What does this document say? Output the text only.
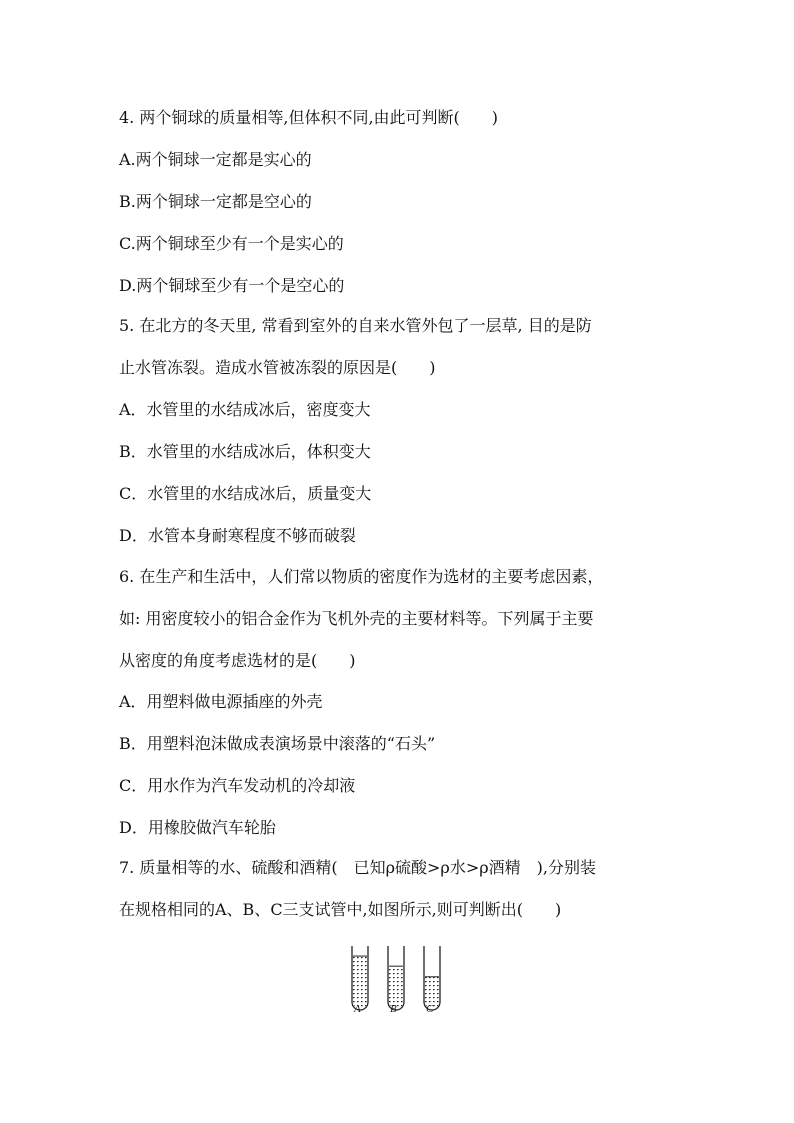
4. 两个铜球的质量相等,但体积不同,由此可判断(　　)
A.两个铜球一定都是实心的
B.两个铜球一定都是空心的
C.两个铜球至少有一个是实心的
D.两个铜球至少有一个是空心的
5. 在北方的冬天里, 常看到室外的自来水管外包了一层草, 目的是防
止水管冻裂。造成水管被冻裂的原因是(　　)
A．水管里的水结成冰后，密度变大
B．水管里的水结成冰后，体积变大
C．水管里的水结成冰后，质量变大
D．水管本身耐寒程度不够而破裂
6. 在生产和生活中，人们常以物质的密度作为选材的主要考虑因素，
如: 用密度较小的铝合金作为飞机外壳的主要材料等。下列属于主要
从密度的角度考虑选材的是(　　)
A．用塑料做电源插座的外壳
B．用塑料泡沫做成表演场景中滚落的“石头”
C．用水作为汽车发动机的冷却液
D．用橡胶做汽车轮胎
7. 质量相等的水、硫酸和酒精(　已知ρ硫酸>ρ水>ρ酒精　),分别装
在规格相同的A、B、C三支试管中,如图所示,则可判断出(　　)
A	B	C
